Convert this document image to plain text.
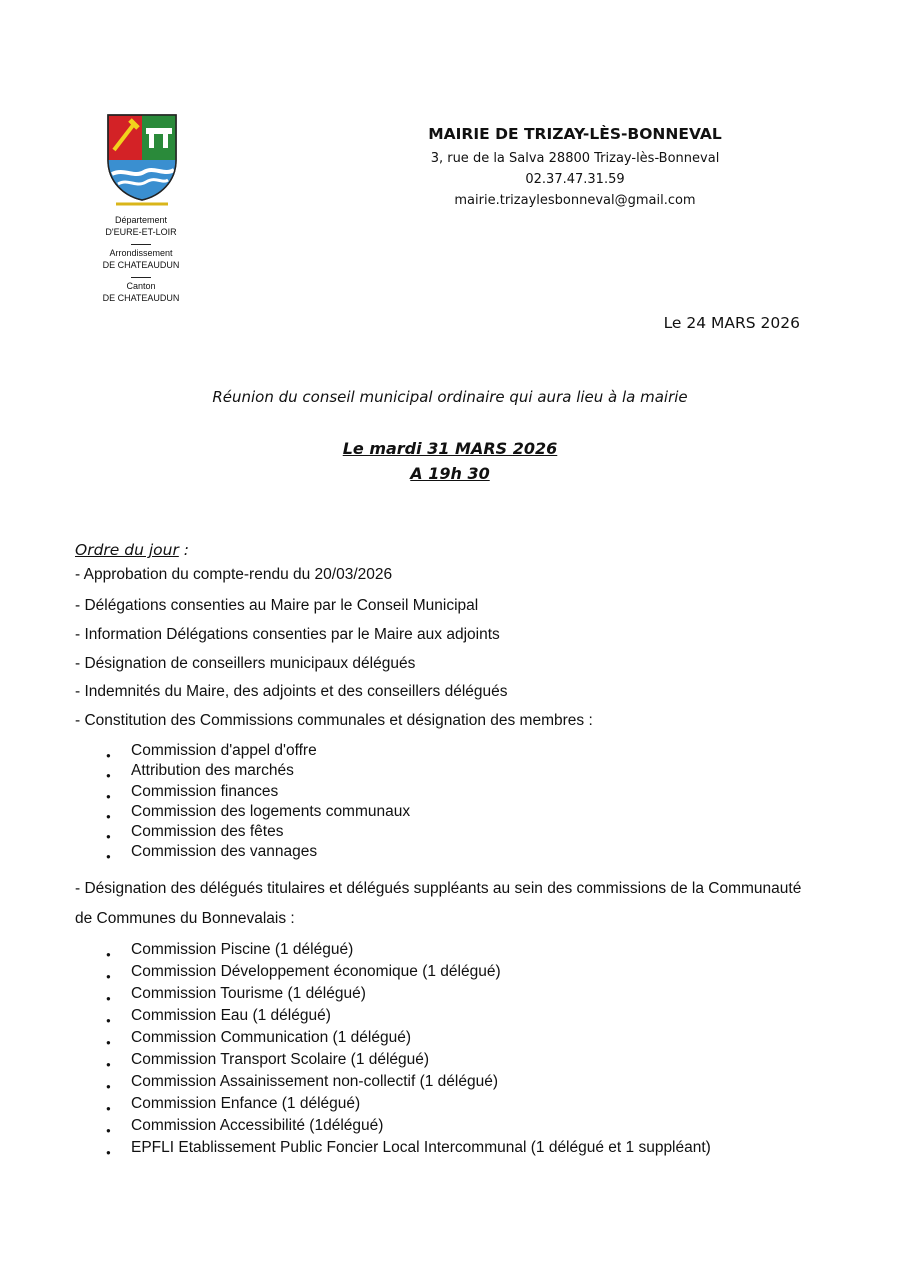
Département
D'EURE-ET-LOIR
Arrondissement
DE CHATEAUDUN
Canton
DE CHATEAUDUN
MAIRIE DE TRIZAY-LÈS-BONNEVAL
3, rue de la Salva 28800 Trizay-lès-Bonneval
02.37.47.31.59
mairie.trizaylesbonneval@gmail.com
Le 24 MARS 2026
Réunion du conseil municipal ordinaire qui aura lieu à la mairie
Le mardi 31 MARS 2026
A 19h 30
Ordre du jour :
- Approbation du compte-rendu du 20/03/2026
- Délégations consenties au Maire par le Conseil Municipal
- Information Délégations consenties par le Maire aux adjoints
- Désignation de conseillers municipaux délégués
- Indemnités du Maire, des adjoints et des conseillers délégués
- Constitution des Commissions communales et désignation des membres :
● Commission d'appel d'offre
● Attribution des marchés
● Commission finances
● Commission des logements communaux
● Commission des fêtes
● Commission des vannages
- Désignation des délégués titulaires et délégués suppléants au sein des commissions de la Communauté
de Communes du Bonnevalais :
● Commission Piscine (1 délégué)
● Commission Développement économique (1 délégué)
● Commission Tourisme (1 délégué)
● Commission Eau (1 délégué)
● Commission Communication (1 délégué)
● Commission Transport Scolaire (1 délégué)
● Commission Assainissement non-collectif (1 délégué)
● Commission Enfance (1 délégué)
● Commission Accessibilité (1délégué)
● EPFLI Etablissement Public Foncier Local Intercommunal (1 délégué et 1 suppléant)
